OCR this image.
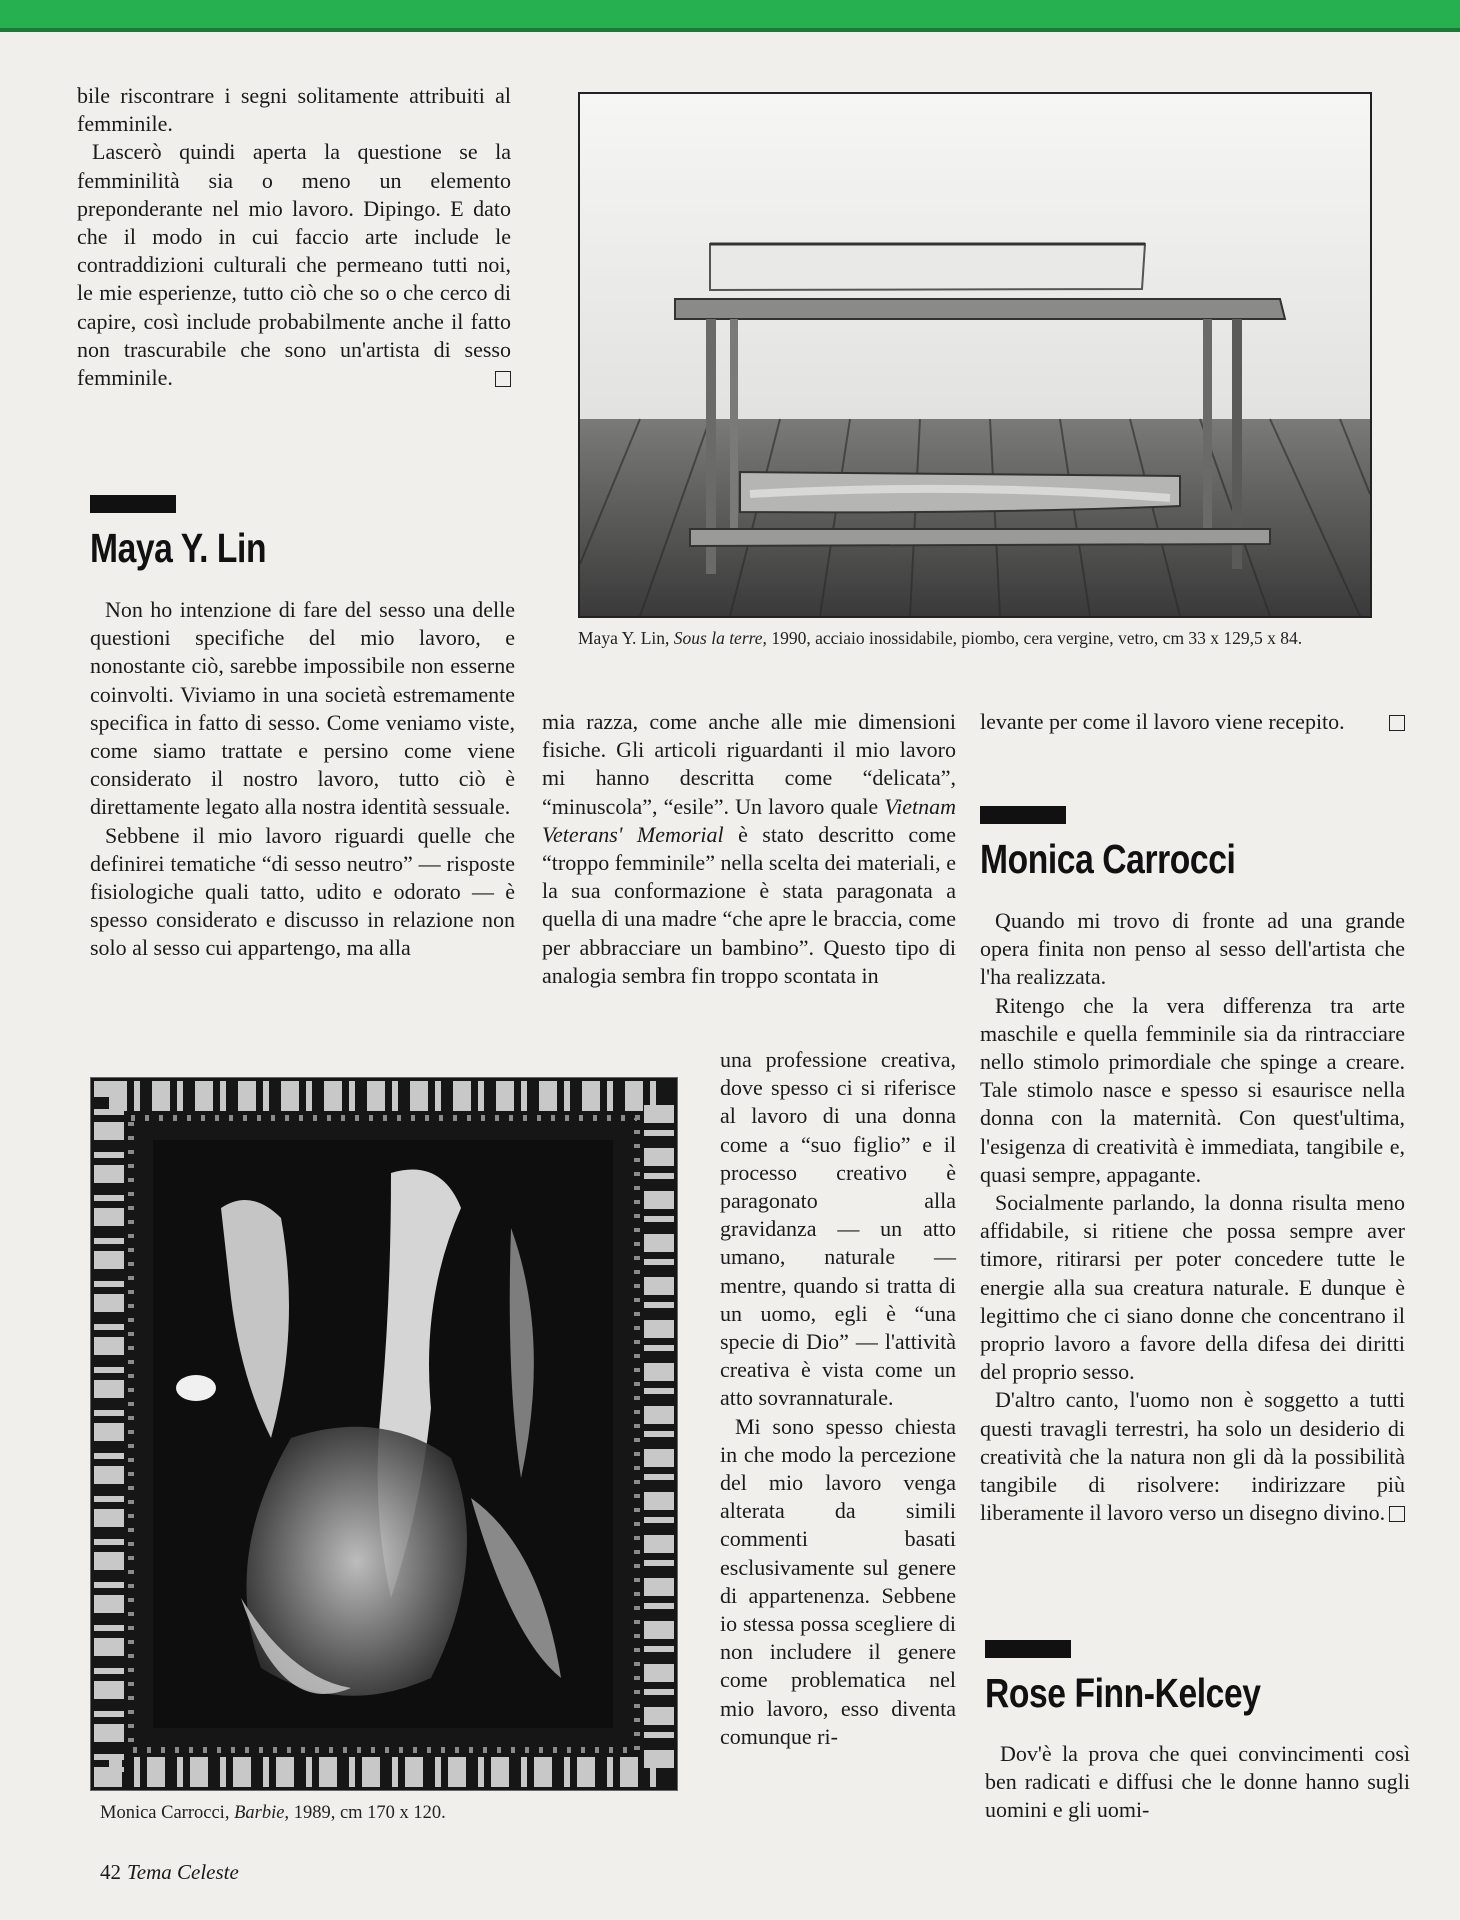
bile riscontrare i segni solitamente attribuiti al femminile.

Lascerò quindi aperta la questione se la femminilità sia o meno un elemento preponderante nel mio lavoro. Dipingo. E dato che il modo in cui faccio arte include le contraddizioni culturali che permeano tutti noi, le mie esperienze, tutto ciò che so o che cerco di capire, così include probabilmente anche il fatto non trascurabile che sono un'artista di sesso femminile.

Maya Y. Lin

Non ho intenzione di fare del sesso una delle questioni specifiche del mio lavoro, e nonostante ciò, sarebbe impossibile non esserne coinvolti. Viviamo in una società estremamente specifica in fatto di sesso. Come veniamo viste, come siamo trattate e persino come viene considerato il nostro lavoro, tutto ciò è direttamente legato alla nostra identità sessuale.

Sebbene il mio lavoro riguardi quelle che definirei tematiche “di sesso neutro” — risposte fisiologiche quali tatto, udito e odorato — è spesso considerato e discusso in relazione non solo al sesso cui appartengo, ma alla

Maya Y. Lin, Sous la terre, 1990, acciaio inossidabile, piombo, cera vergine, vetro, cm 33 x 129,5 x 84.

mia razza, come anche alle mie dimensioni fisiche. Gli articoli riguardanti il mio lavoro mi hanno descritta come “delicata”, “minuscola”, “esile”. Un lavoro quale Vietnam Veterans' Memorial è stato descritto come “troppo femminile” nella scelta dei materiali, e la sua conformazione è stata paragonata a quella di una madre “che apre le braccia, come per abbracciare un bambino”. Questo tipo di analogia sembra fin troppo scontata in

una professione creativa, dove spesso ci si riferisce al lavoro di una donna come a “suo figlio” e il processo creativo è paragonato alla gravidanza — un atto umano, naturale — mentre, quando si tratta di un uomo, egli è “una specie di Dio” — l'attività creativa è vista come un atto sovrannaturale.

Mi sono spesso chiesta in che modo la percezione del mio lavoro venga alterata da simili commenti basati esclusivamente sul genere di appartenenza. Sebbene io stessa possa scegliere di non includere il genere come problematica nel mio lavoro, esso diventa comunque ri-

Monica Carrocci, Barbie, 1989, cm 170 x 120.

levante per come il lavoro viene recepito.

Monica Carrocci

Quando mi trovo di fronte ad una grande opera finita non penso al sesso dell'artista che l'ha realizzata.

Ritengo che la vera differenza tra arte maschile e quella femminile sia da rintracciare nello stimolo primordiale che spinge a creare. Tale stimolo nasce e spesso si esaurisce nella donna con la maternità. Con quest'ultima, l'esigenza di creatività è immediata, tangibile e, quasi sempre, appagante.

Socialmente parlando, la donna risulta meno affidabile, si ritiene che possa sempre aver timore, ritirarsi per poter concedere tutte le energie alla sua creatura naturale. E dunque è legittimo che ci siano donne che concentrano il proprio lavoro a favore della difesa dei diritti del proprio sesso.

D'altro canto, l'uomo non è soggetto a tutti questi travagli terrestri, ha solo un desiderio di creatività che la natura non gli dà la possibilità tangibile di risolvere: indirizzare più liberamente il lavoro verso un disegno divino.

Rose Finn-Kelcey

Dov'è la prova che quei convincimenti così ben radicati e diffusi che le donne hanno sugli uomini e gli uomi-

42 Tema Celeste
